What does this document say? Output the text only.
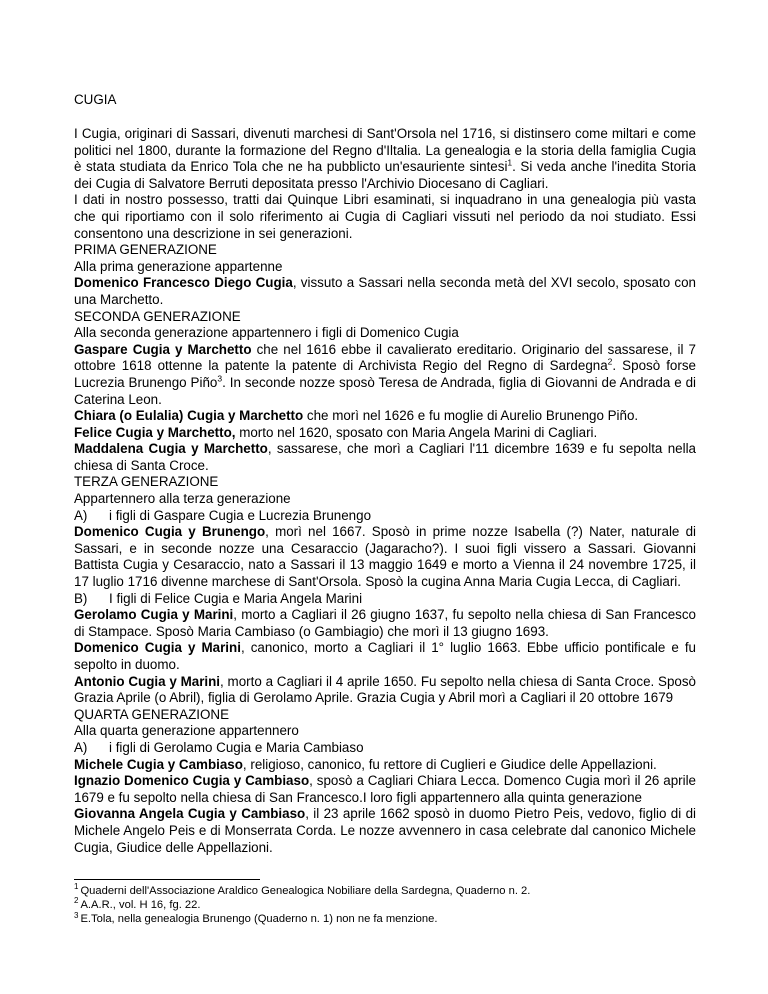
CUGIA

I Cugia, originari di Sassari, divenuti marchesi di Sant'Orsola nel 1716, si distinsero come miltari e come politici nel 1800, durante la formazione del Regno d'Iltalia. La genealogia e la storia della famiglia Cugia è stata studiata da Enrico Tola che ne ha pubblicto un'esauriente sintesi$^1$. Si veda anche l'inedita Storia dei Cugia di Salvatore Berruti depositata presso l'Archivio Diocesano di Cagliari.

I dati in nostro possesso, tratti dai Quinque Libri esaminati, si inquadrano in una genealogia più vasta che qui riportiamo con il solo riferimento ai Cugia di Cagliari vissuti nel periodo da noi studiato. Essi consentono una descrizione in sei generazioni.

PRIMA GENERAZIONE

Alla prima generazione appartenne

Domenico Francesco Diego Cugia, vissuto a Sassari nella seconda metà del XVI secolo, sposato con una Marchetto.

SECONDA GENERAZIONE

Alla seconda generazione appartennero i figli di Domenico Cugia

Gaspare Cugia y Marchetto che nel 1616 ebbe il cavalierato ereditario. Originario del sassarese, il 7 ottobre 1618 ottenne la patente la patente di Archivista Regio del Regno di Sardegna$^2$. Sposò forse Lucrezia Brunengo Piño$^3$. In seconde nozze sposò Teresa de Andrada, figlia di Giovanni de Andrada e di Caterina Leon.

Chiara (o Eulalia) Cugia y Marchetto che morì nel 1626 e fu moglie di Aurelio Brunengo Piño.

Felice Cugia y Marchetto, morto nel 1620, sposato con Maria Angela Marini di Cagliari.

Maddalena Cugia y Marchetto, sassarese, che morì a Cagliari l'11 dicembre 1639 e fu sepolta nella chiesa di Santa Croce.

TERZA GENERAZIONE

Appartennero alla terza generazione

A) i figli di Gaspare Cugia e Lucrezia Brunengo

Domenico Cugia y Brunengo, morì nel 1667. Sposò in prime nozze Isabella (?) Nater, naturale di Sassari, e in seconde nozze una Cesaraccio (Jagaracho?). I suoi figli vissero a Sassari. Giovanni Battista Cugia y Cesaraccio, nato a Sassari il 13 maggio 1649 e morto a Vienna il 24 novembre 1725, il 17 luglio 1716 divenne marchese di Sant'Orsola. Sposò la cugina Anna Maria Cugia Lecca, di Cagliari.

B) I figli di Felice Cugia e Maria Angela Marini

Gerolamo Cugia y Marini, morto a Cagliari il 26 giugno 1637, fu sepolto nella chiesa di San Francesco di Stampace. Sposò Maria Cambiaso (o Gambiagio) che morì il 13 giugno 1693.

Domenico Cugia y Marini, canonico, morto a Cagliari il 1° luglio 1663. Ebbe ufficio pontificale e fu sepolto in duomo.

Antonio Cugia y Marini, morto a Cagliari il 4 aprile 1650. Fu sepolto nella chiesa di Santa Croce. Sposò Grazia Aprile (o Abril), figlia di Gerolamo Aprile. Grazia Cugia y Abril morì a Cagliari il 20 ottobre 1679

QUARTA GENERAZIONE

Alla quarta generazione appartennero

A) i figli di Gerolamo Cugia e Maria Cambiaso

Michele Cugia y Cambiaso, religioso, canonico, fu rettore di Cuglieri e Giudice delle Appellazioni.

Ignazio Domenico Cugia y Cambiaso, sposò a Cagliari Chiara Lecca. Domenco Cugia morì il 26 aprile 1679 e fu sepolto nella chiesa di San Francesco.I loro figli appartennero alla quinta generazione

Giovanna Angela Cugia y Cambiaso, il 23 aprile 1662 sposò in duomo Pietro Peis, vedovo, figlio di di Michele Angelo Peis e di Monserrata Corda. Le nozze avvennero in casa celebrate dal canonico Michele Cugia, Giudice delle Appellazioni.

$^1$ Quaderni dell'Associazione Araldico Genealogica Nobiliare della Sardegna, Quaderno n. 2.

$^2$ A.A.R., vol. H 16, fg. 22.

$^3$ E.Tola, nella genealogia Brunengo (Quaderno n. 1) non ne fa menzione.
